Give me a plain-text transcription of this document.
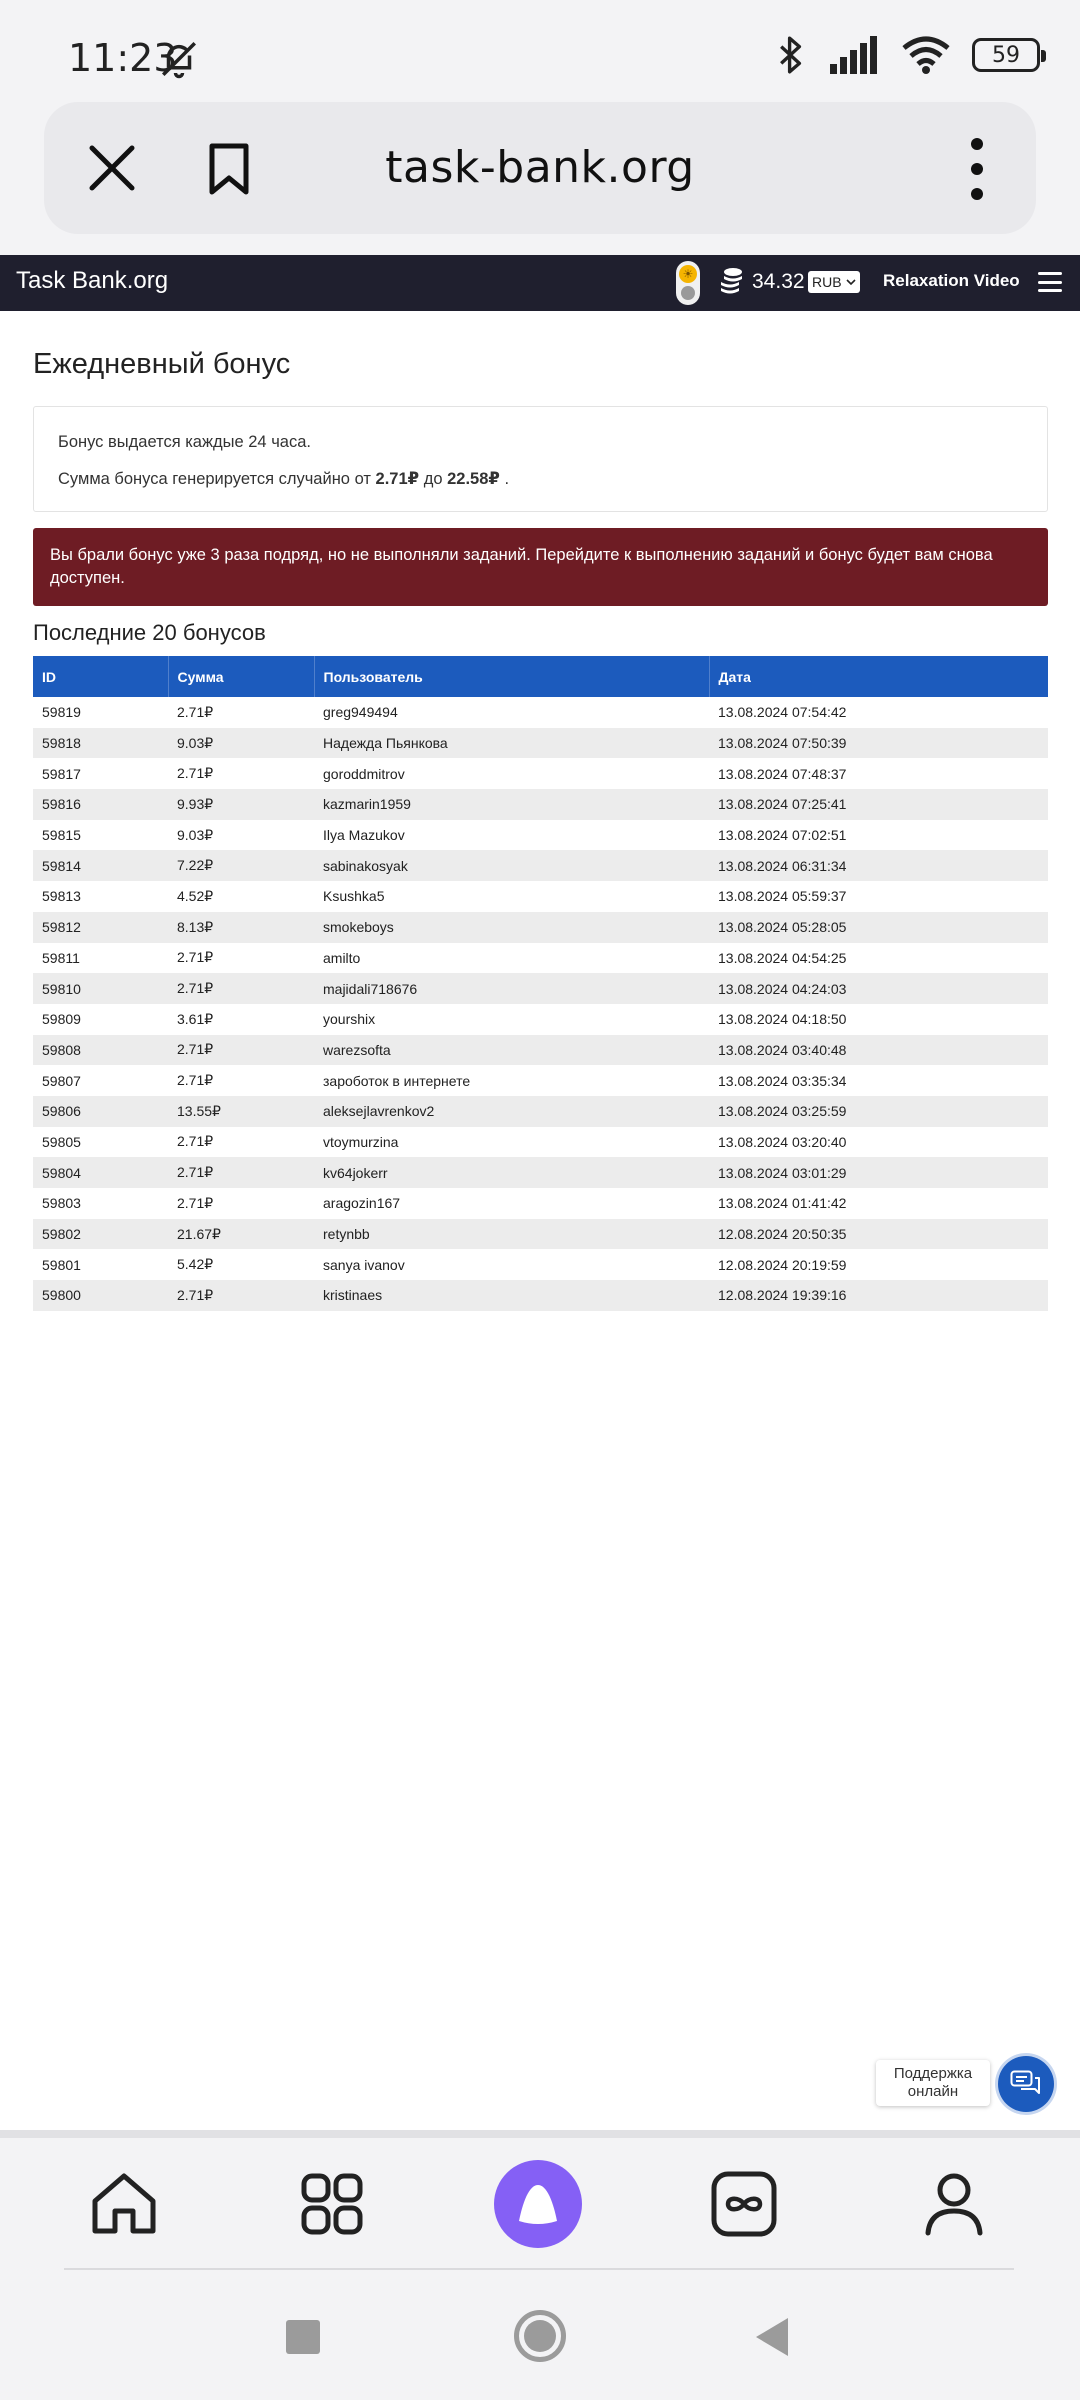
11:23	59
task-bank.org
Task Bank.org	☀	34.32 RUB Relaxation Video
Ежедневный бонус

Бонус выдается каждые 24 часа.

Сумма бонуса генерируется случайно от 2.71₽ до 22.58₽ .

Вы брали бонус уже 3 раза подряд, но не выполняли заданий. Перейдите к выполнению заданий и бонус будет вам снова доступен.
Последние 20 бонусов
ID	Сумма	Пользователь	Дата
59819	2.71₽	greg949494	13.08.2024 07:54:42
59818	9.03₽	Надежда Пьянкова	13.08.2024 07:50:39
59817	2.71₽	goroddmitrov	13.08.2024 07:48:37
59816	9.93₽	kazmarin1959	13.08.2024 07:25:41
59815	9.03₽	Ilya Mazukov	13.08.2024 07:02:51
59814	7.22₽	sabinakosyak	13.08.2024 06:31:34
59813	4.52₽	Ksushka5	13.08.2024 05:59:37
59812	8.13₽	smokeboys	13.08.2024 05:28:05
59811	2.71₽	amilto	13.08.2024 04:54:25
59810	2.71₽	majidali718676	13.08.2024 04:24:03
59809	3.61₽	yourshix	13.08.2024 04:18:50
59808	2.71₽	warezsofta	13.08.2024 03:40:48
59807	2.71₽	зароботок в интернете	13.08.2024 03:35:34
59806	13.55₽	aleksejlavrenkov2	13.08.2024 03:25:59
59805	2.71₽	vtoymurzina	13.08.2024 03:20:40
59804	2.71₽	kv64jokerr	13.08.2024 03:01:29
59803	2.71₽	aragozin167	13.08.2024 01:41:42
59802	21.67₽	retynbb	12.08.2024 20:50:35
59801	5.42₽	sanya ivanov	12.08.2024 20:19:59
59800	2.71₽	kristinaes	12.08.2024 19:39:16
Поддержка онлайн
